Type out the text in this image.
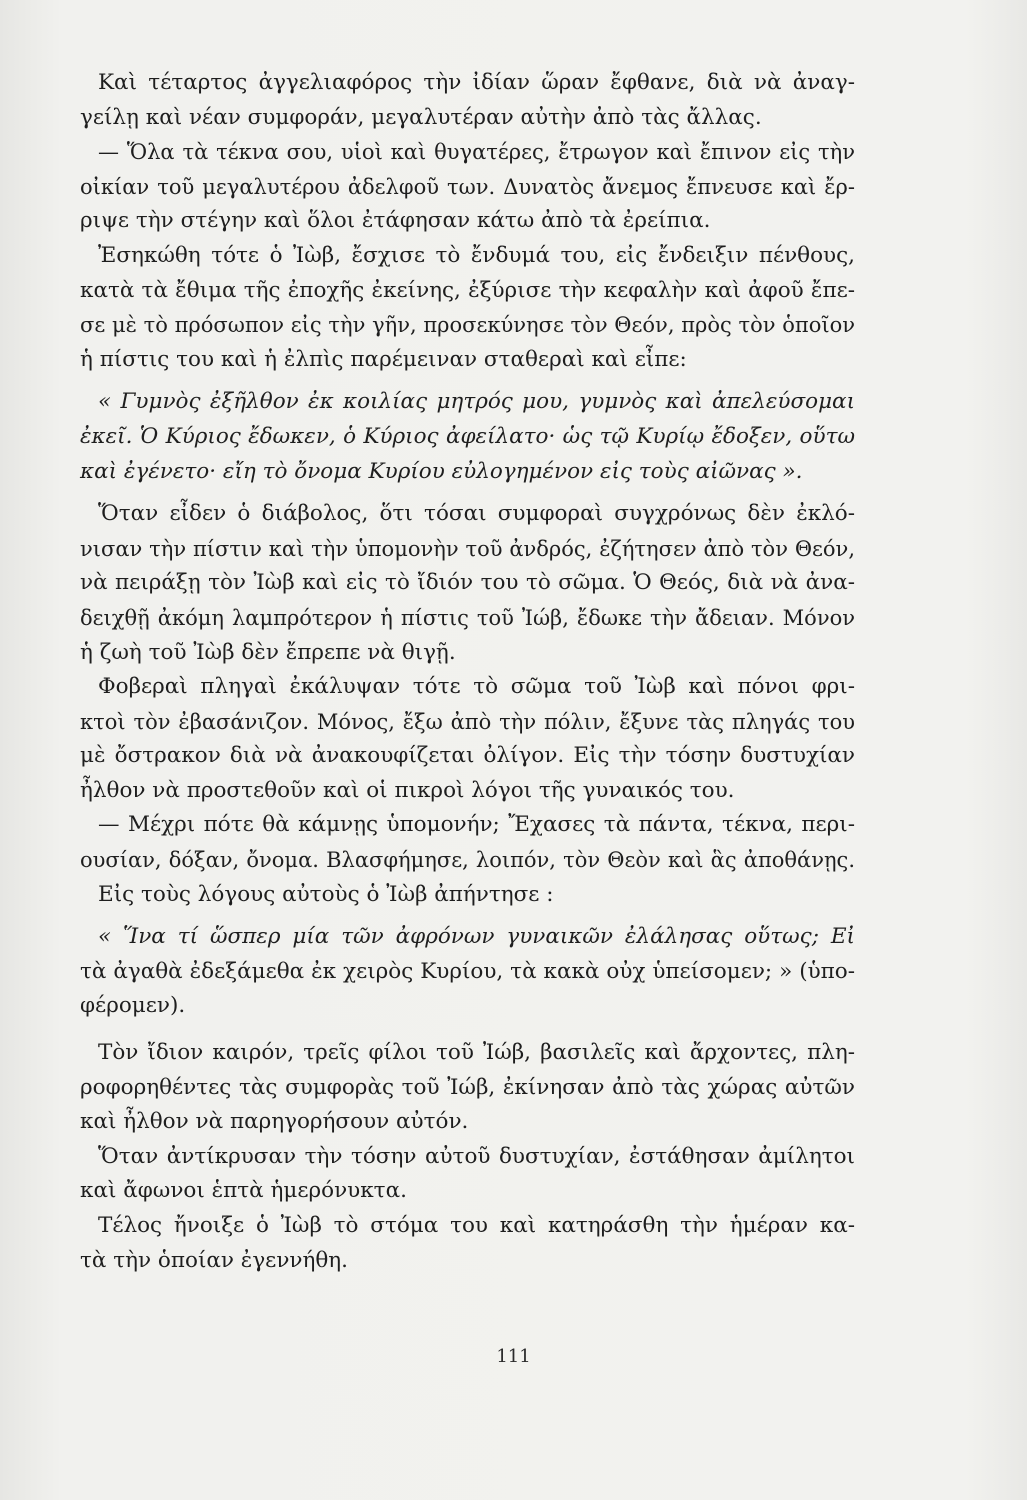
Καὶ τέταρτος ἀγγελιαφόρος τὴν ἰδίαν ὥραν ἔφθανε, διὰ νὰ ἀναγ-
γείλῃ καὶ νέαν συμφοράν, μεγαλυτέραν αὐτὴν ἀπὸ τὰς ἄλλας.
— Ὅλα τὰ τέκνα σου, υἱοὶ καὶ θυγατέρες, ἔτρωγον καὶ ἔπινον εἰς τὴν
οἰκίαν τοῦ μεγαλυτέρου ἀδελφοῦ των. Δυνατὸς ἄνεμος ἔπνευσε καὶ ἔρ-
ριψε τὴν στέγην καὶ ὅλοι ἐτάφησαν κάτω ἀπὸ τὰ ἐρείπια.
Ἐσηκώθη τότε ὁ Ἰὼβ, ἔσχισε τὸ ἔνδυμά του, εἰς ἔνδειξιν πένθους,
κατὰ τὰ ἔθιμα τῆς ἐποχῆς ἐκείνης, ἐξύρισε τὴν κεφαλὴν καὶ ἀφοῦ ἔπε-
σε μὲ τὸ πρόσωπον εἰς τὴν γῆν, προσεκύνησε τὸν Θεόν, πρὸς τὸν ὁποῖον
ἡ πίστις του καὶ ἡ ἐλπὶς παρέμειναν σταθεραὶ καὶ εἶπε:
« Γυμνὸς ἐξῆλθον ἐκ κοιλίας μητρός μου, γυμνὸς καὶ ἀπελεύσομαι
ἐκεῖ. Ὁ Κύριος ἔδωκεν, ὁ Κύριος ἀφείλατο· ὡς τῷ Κυρίῳ ἔδοξεν, οὕτω
καὶ ἐγένετο· εἴη τὸ ὄνομα Κυρίου εὐλογημένον εἰς τοὺς αἰῶνας ».
Ὅταν εἶδεν ὁ διάβολος, ὅτι τόσαι συμφοραὶ συγχρόνως δὲν ἐκλό-
νισαν τὴν πίστιν καὶ τὴν ὑπομονὴν τοῦ ἀνδρός, ἐζήτησεν ἀπὸ τὸν Θεόν,
νὰ πειράξῃ τὸν Ἰὼβ καὶ εἰς τὸ ἴδιόν του τὸ σῶμα. Ὁ Θεός, διὰ νὰ ἀνα-
δειχθῇ ἀκόμη λαμπρότερον ἡ πίστις τοῦ Ἰώβ, ἔδωκε τὴν ἄδειαν. Μόνον
ἡ ζωὴ τοῦ Ἰὼβ δὲν ἔπρεπε νὰ θιγῇ.
Φοβεραὶ πληγαὶ ἐκάλυψαν τότε τὸ σῶμα τοῦ Ἰὼβ καὶ πόνοι φρι-
κτοὶ τὸν ἐβασάνιζον. Μόνος, ἔξω ἀπὸ τὴν πόλιν, ἔξυνε τὰς πληγάς του
μὲ ὄστρακον διὰ νὰ ἀνακουφίζεται ὀλίγον. Εἰς τὴν τόσην δυστυχίαν
ἦλθον νὰ προστεθοῦν καὶ οἱ πικροὶ λόγοι τῆς γυναικός του.
— Μέχρι πότε θὰ κάμνῃς ὑπομονήν; Ἔχασες τὰ πάντα, τέκνα, περι-
ουσίαν, δόξαν, ὄνομα. Βλασφήμησε, λοιπόν, τὸν Θεὸν καὶ ἃς ἀποθάνῃς.
Εἰς τοὺς λόγους αὐτοὺς ὁ Ἰὼβ ἀπήντησε :
« Ἵνα τί ὥσπερ μία τῶν ἀφρόνων γυναικῶν ἐλάλησας οὕτως; Εἰ
τὰ ἀγαθὰ ἐδεξάμεθα ἐκ χειρὸς Κυρίου, τὰ κακὰ οὐχ ὑπείσομεν; » (ὑπο-
φέρομεν).
Τὸν ἴδιον καιρόν, τρεῖς φίλοι τοῦ Ἰώβ, βασιλεῖς καὶ ἄρχοντες, πλη-
ροφορηθέντες τὰς συμφορὰς τοῦ Ἰώβ, ἐκίνησαν ἀπὸ τὰς χώρας αὐτῶν
καὶ ἦλθον νὰ παρηγορήσουν αὐτόν.
Ὅταν ἀντίκρυσαν τὴν τόσην αὐτοῦ δυστυχίαν, ἐστάθησαν ἀμίλητοι
καὶ ἄφωνοι ἑπτὰ ἡμερόνυκτα.
Τέλος ἤνοιξε ὁ Ἰὼβ τὸ στόμα του καὶ κατηράσθη τὴν ἡμέραν κα-
τὰ τὴν ὁποίαν ἐγεννήθη.
111
